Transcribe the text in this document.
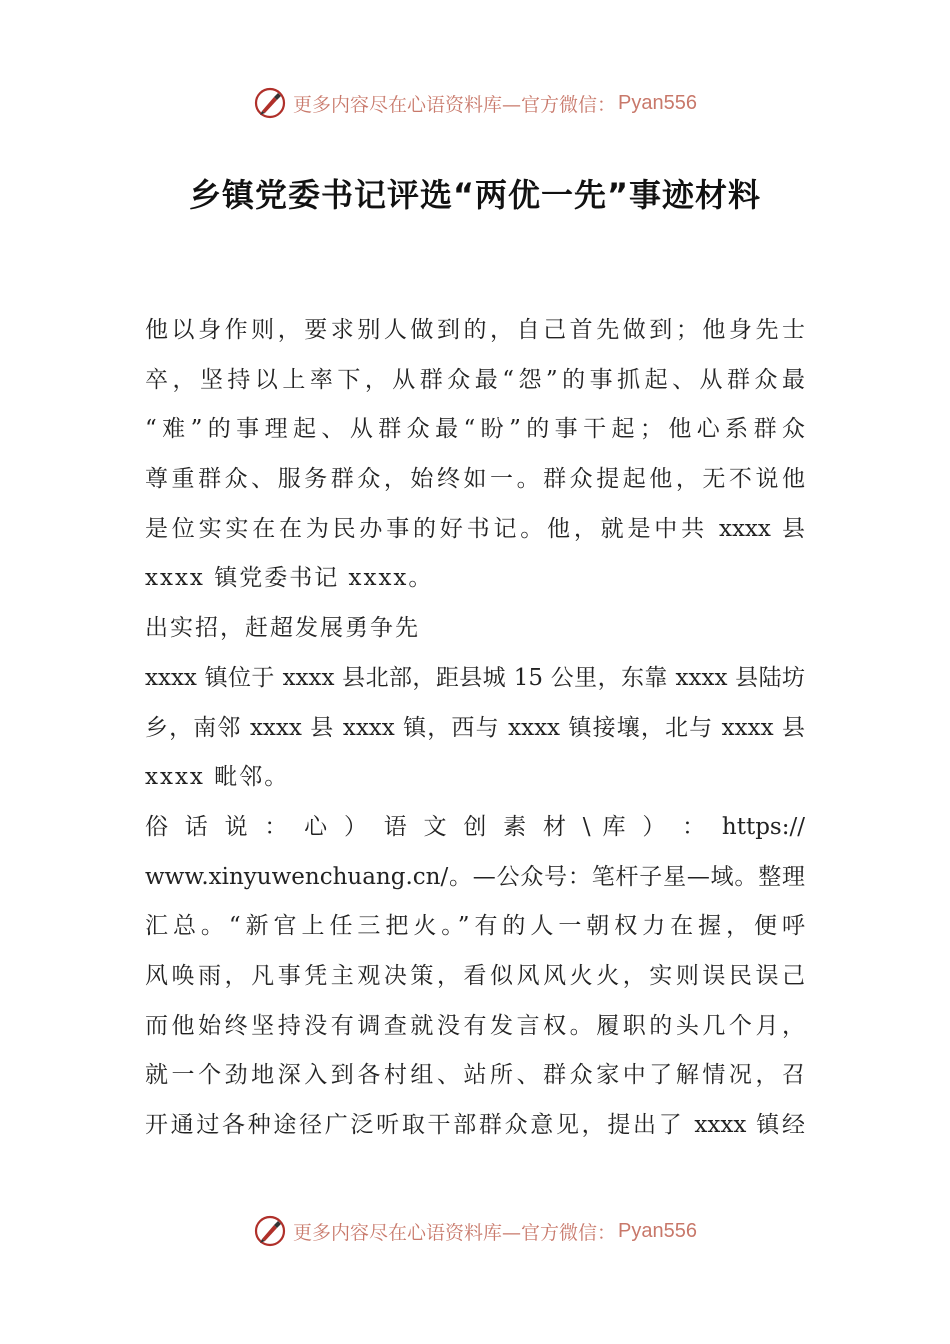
更多内容尽在心语资料库—官方微信： Pyan556
乡镇党委书记评选“两优一先”事迹材料
他以身作则，要求别人做到的，自己首先做到；他身先士
卒，坚持以上率下，从群众最“怨”的事抓起、从群众最
“难”的事理起、从群众最“盼”的事干起；他心系群众
尊重群众、服务群众，始终如一。群众提起他，无不说他
是位实实在在为民办事的好书记。他，就是中共 xxxx 县
xxxx 镇党委书记 xxxx。
出实招，赶超发展勇争先
xxxx 镇位于 xxxx 县北部，距县城 15 公里，东靠 xxxx 县陆坊
乡，南邻 xxxx 县 xxxx 镇，西与 xxxx 镇接壤，北与 xxxx 县
xxxx 毗邻。
俗 话 说 ： 心 ） 语 文 创 素 材 \ 库 ） ： https://
www.xinyuwenchuang.cn/。—公众号：笔杆子星—域。整理
汇总。“新官上任三把火。”有的人一朝权力在握，便呼
风唤雨，凡事凭主观决策，看似风风火火，实则误民误己
而他始终坚持没有调查就没有发言权。履职的头几个月，
就一个劲地深入到各村组、站所、群众家中了解情况，召
开通过各种途径广泛听取干部群众意见，提出了 xxxx 镇经
更多内容尽在心语资料库—官方微信： Pyan556
